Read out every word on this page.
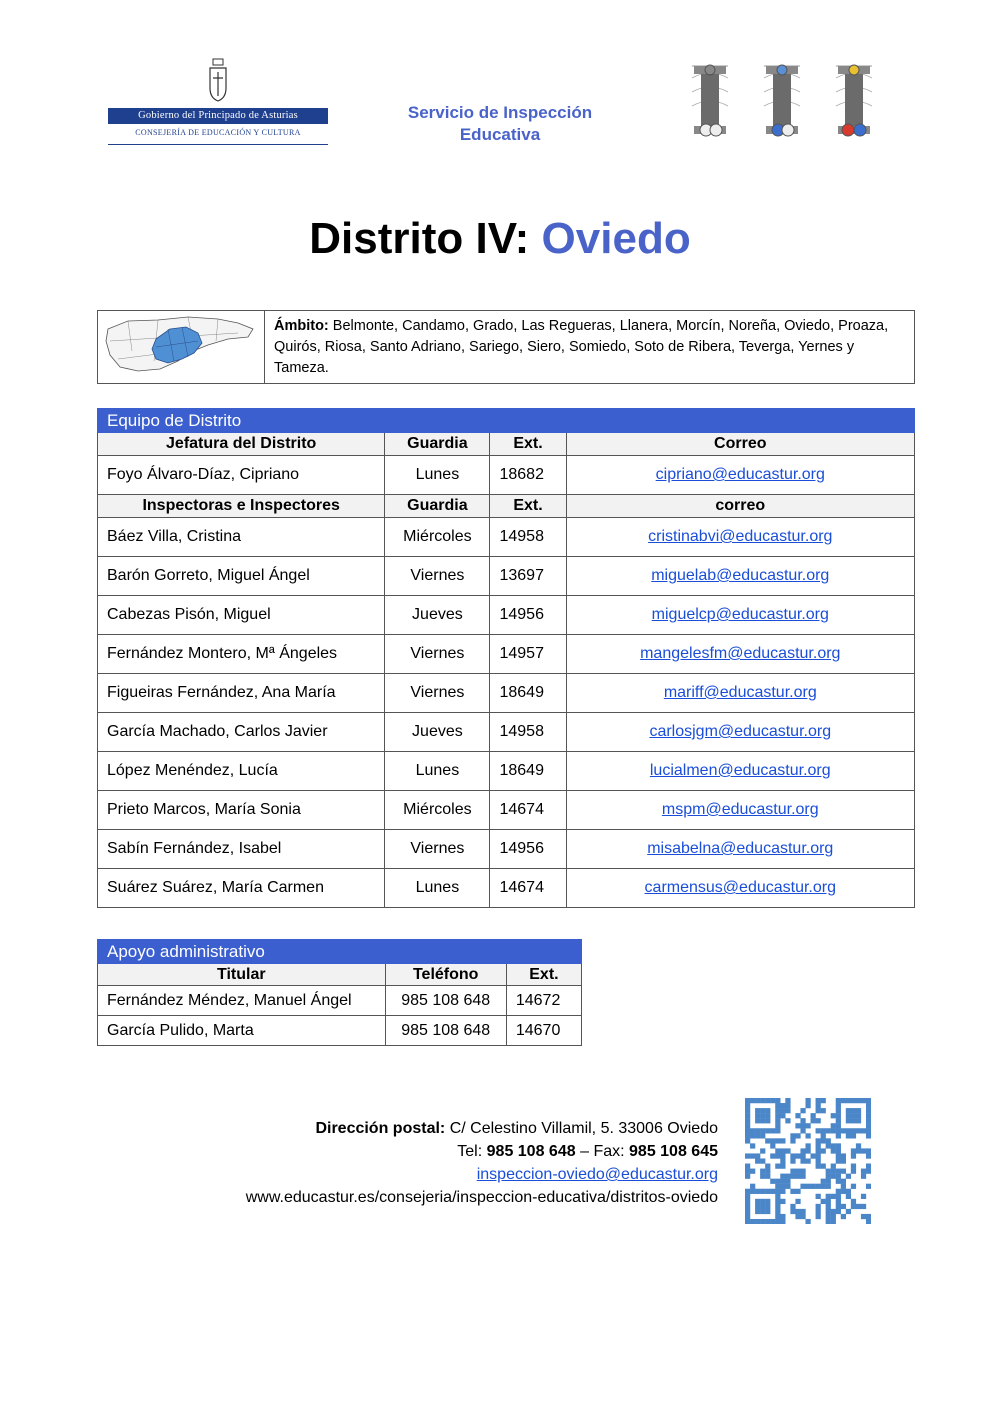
Gobierno del Principado de Asturias
CONSEJERÍA DE EDUCACIÓN Y CULTURA
Servicio de Inspección
Educativa
Distrito IV: Oviedo
Ámbito: Belmonte, Candamo, Grado, Las Regueras, Llanera, Morcín, Noreña, Oviedo, Proaza, Quirós, Riosa, Santo Adriano, Sariego, Siero, Somiedo, Soto de Ribera, Teverga, Yernes y Tameza.
Equipo de Distrito			
Jefatura del Distrito	Guardia	Ext.	Correo
Foyo Álvaro-Díaz, Cipriano	Lunes	18682	cipriano@educastur.org
Inspectoras e Inspectores	Guardia	Ext.	correo
Báez Villa, Cristina	Miércoles	14958	cristinabvi@educastur.org
Barón Gorreto, Miguel Ángel	Viernes	13697	miguelab@educastur.org
Cabezas Pisón, Miguel	Jueves	14956	miguelcp@educastur.org
Fernández Montero, Mª Ángeles	Viernes	14957	mangelesfm@educastur.org
Figueiras Fernández, Ana María	Viernes	18649	mariff@educastur.org
García Machado, Carlos Javier	Jueves	14958	carlosjgm@educastur.org
López Menéndez, Lucía	Lunes	18649	lucialmen@educastur.org
Prieto Marcos, María Sonia	Miércoles	14674	mspm@educastur.org
Sabín Fernández, Isabel	Viernes	14956	misabelna@educastur.org
Suárez Suárez, María Carmen	Lunes	14674	carmensus@educastur.org
Apoyo administrativo		
Titular	Teléfono	Ext.
Fernández Méndez, Manuel Ángel	985 108 648	14672
García Pulido, Marta	985 108 648	14670
Dirección postal: C/ Celestino Villamil, 5. 33006 Oviedo
Tel: 985 108 648 – Fax: 985 108 645
inspeccion-oviedo@educastur.org
www.educastur.es/consejeria/inspeccion-educativa/distritos-oviedo
